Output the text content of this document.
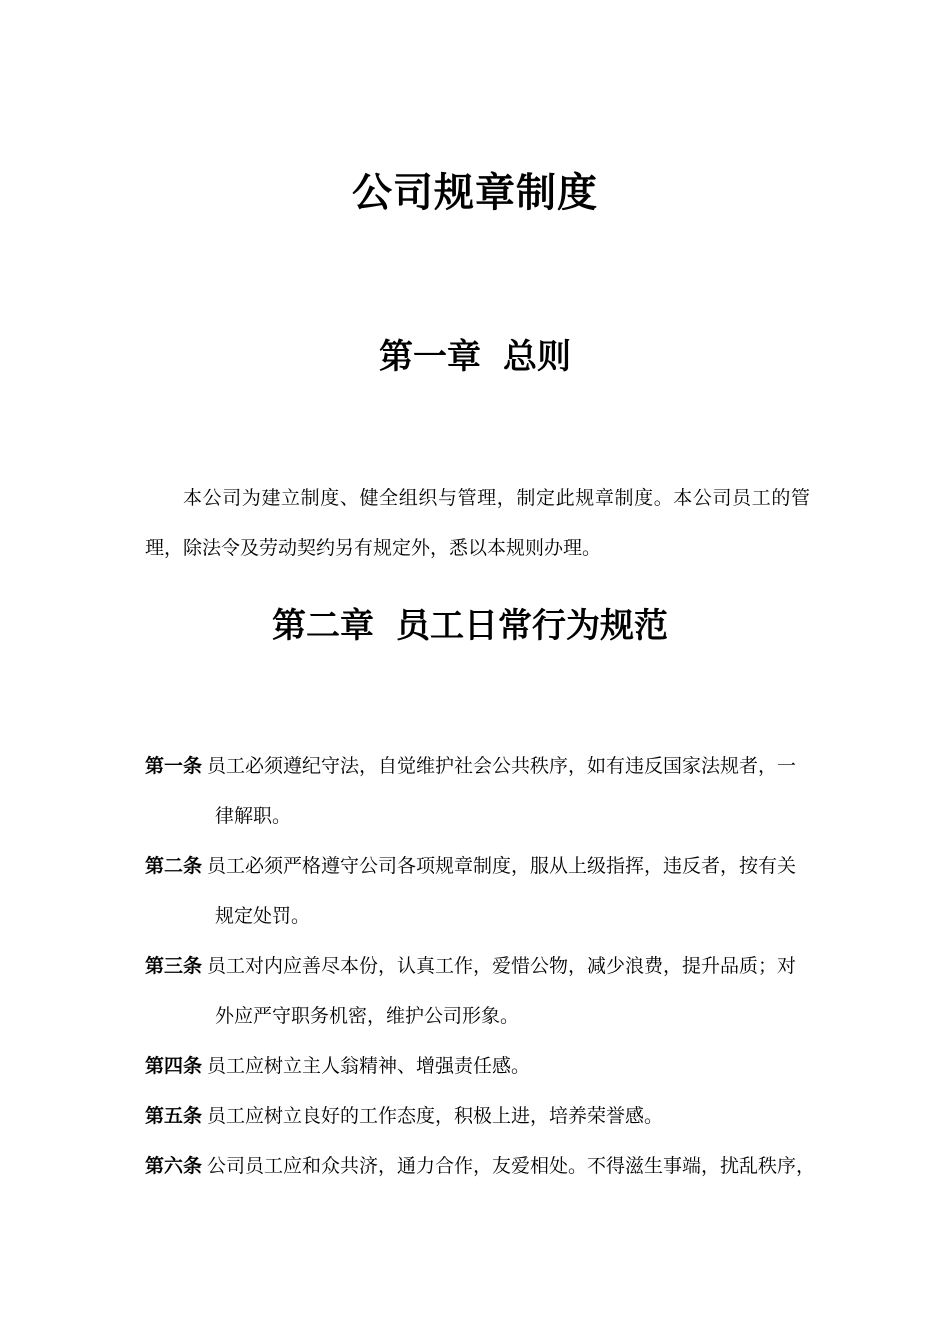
公司规章制度
第一章 总则
本公司为建立制度、健全组织与管理，制定此规章制度。本公司员工的管理，除法令及劳动契约另有规定外，悉以本规则办理。
第二章 员工日常行为规范
第一条 员工必须遵纪守法，自觉维护社会公共秩序，如有违反国家法规者，一律解职。
第二条 员工必须严格遵守公司各项规章制度，服从上级指挥，违反者，按有关规定处罚。
第三条 员工对内应善尽本份，认真工作，爱惜公物，减少浪费，提升品质；对外应严守职务机密，维护公司形象。
第四条 员工应树立主人翁精神、增强责任感。
第五条 员工应树立良好的工作态度，积极上进，培养荣誉感。
第六条 公司员工应和众共济，通力合作，友爱相处。不得滋生事端，扰乱秩序，
